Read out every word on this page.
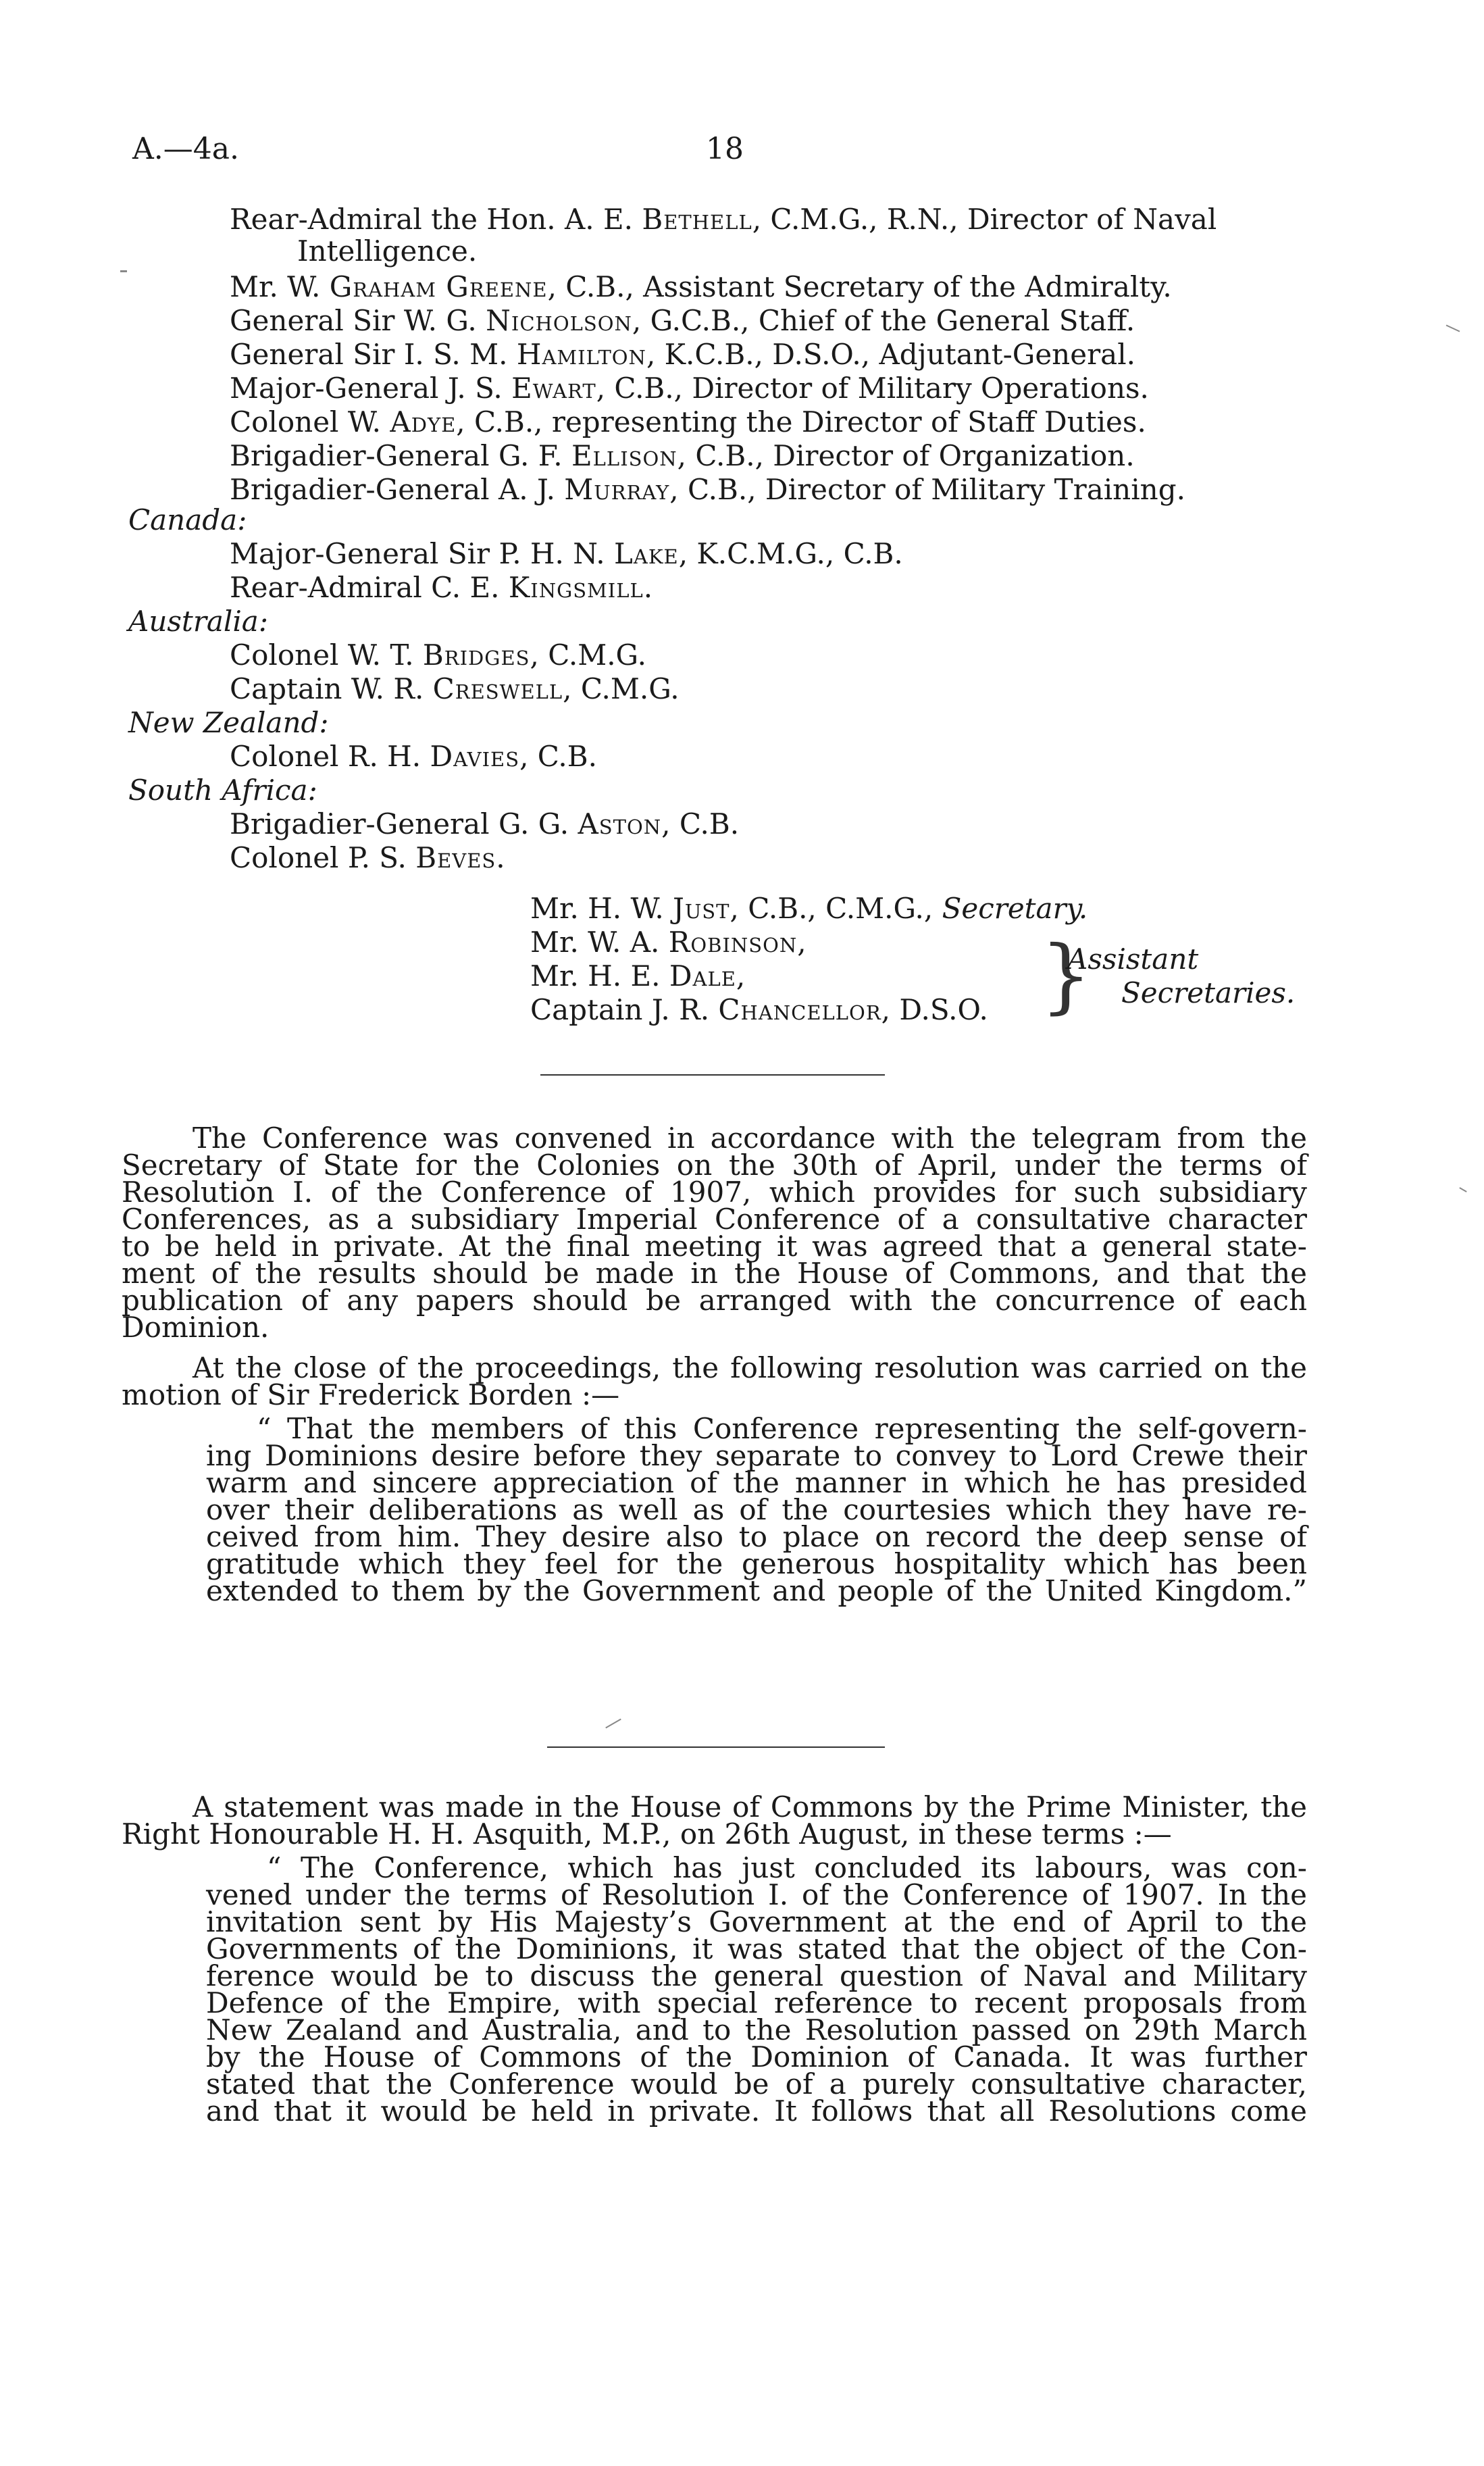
A.—4a.	18
Rear-Admiral the Hon. A. E. Bethell, C.M.G., R.N., Director of Naval
Intelligence.
Mr. W. Graham Greene, C.B., Assistant Secretary of the Admiralty.
General Sir W. G. Nicholson, G.C.B., Chief of the General Staff.
General Sir I. S. M. Hamilton, K.C.B., D.S.O., Adjutant-General.
Major-General J. S. Ewart, C.B., Director of Military Operations.
Colonel W. Adye, C.B., representing the Director of Staff Duties.
Brigadier-General G. F. Ellison, C.B., Director of Organization.
Brigadier-General A. J. Murray, C.B., Director of Military Training.
Canada:
Major-General Sir P. H. N. Lake, K.C.M.G., C.B.
Rear-Admiral C. E. Kingsmill.
Australia:
Colonel W. T. Bridges, C.M.G.
Captain W. R. Creswell, C.M.G.
New Zealand:
Colonel R. H. Davies, C.B.
South Africa:
Brigadier-General G. G. Aston, C.B.
Colonel P. S. Beves.
Mr. H. W. Just, C.B., C.M.G., Secretary.
Mr. W. A. Robinson,
Mr. H. E. Dale,
Captain J. R. Chancellor, D.S.O. }
Assistant
Secretaries.
The Conference was convened in accordance with the telegram from the
Secretary of State for the Colonies on the 30th of April, under the terms of
Resolution I. of the Conference of 1907, which provides for such subsidiary
Conferences, as a subsidiary Imperial Conference of a consultative character
to be held in private. At the final meeting it was agreed that a general state-
ment of the results should be made in the House of Commons, and that the
publication of any papers should be arranged with the concurrence of each
Dominion.
At the close of the proceedings, the following resolution was carried on the
motion of Sir Frederick Borden :—
“ That the members of this Conference representing the self-govern-
ing Dominions desire before they separate to convey to Lord Crewe their
warm and sincere appreciation of the manner in which he has presided
over their deliberations as well as of the courtesies which they have re-
ceived from him. They desire also to place on record the deep sense of
gratitude which they feel for the generous hospitality which has been
extended to them by the Government and people of the United Kingdom.”
A statement was made in the House of Commons by the Prime Minister, the
Right Honourable H. H. Asquith, M.P., on 26th August, in these terms :—
“ The Conference, which has just concluded its labours, was con-
vened under the terms of Resolution I. of the Conference of 1907. In the
invitation sent by His Majesty’s Government at the end of April to the
Governments of the Dominions, it was stated that the object of the Con-
ference would be to discuss the general question of Naval and Military
Defence of the Empire, with special reference to recent proposals from
New Zealand and Australia, and to the Resolution passed on 29th March
by the House of Commons of the Dominion of Canada. It was further
stated that the Conference would be of a purely consultative character,
and that it would be held in private. It follows that all Resolutions come
